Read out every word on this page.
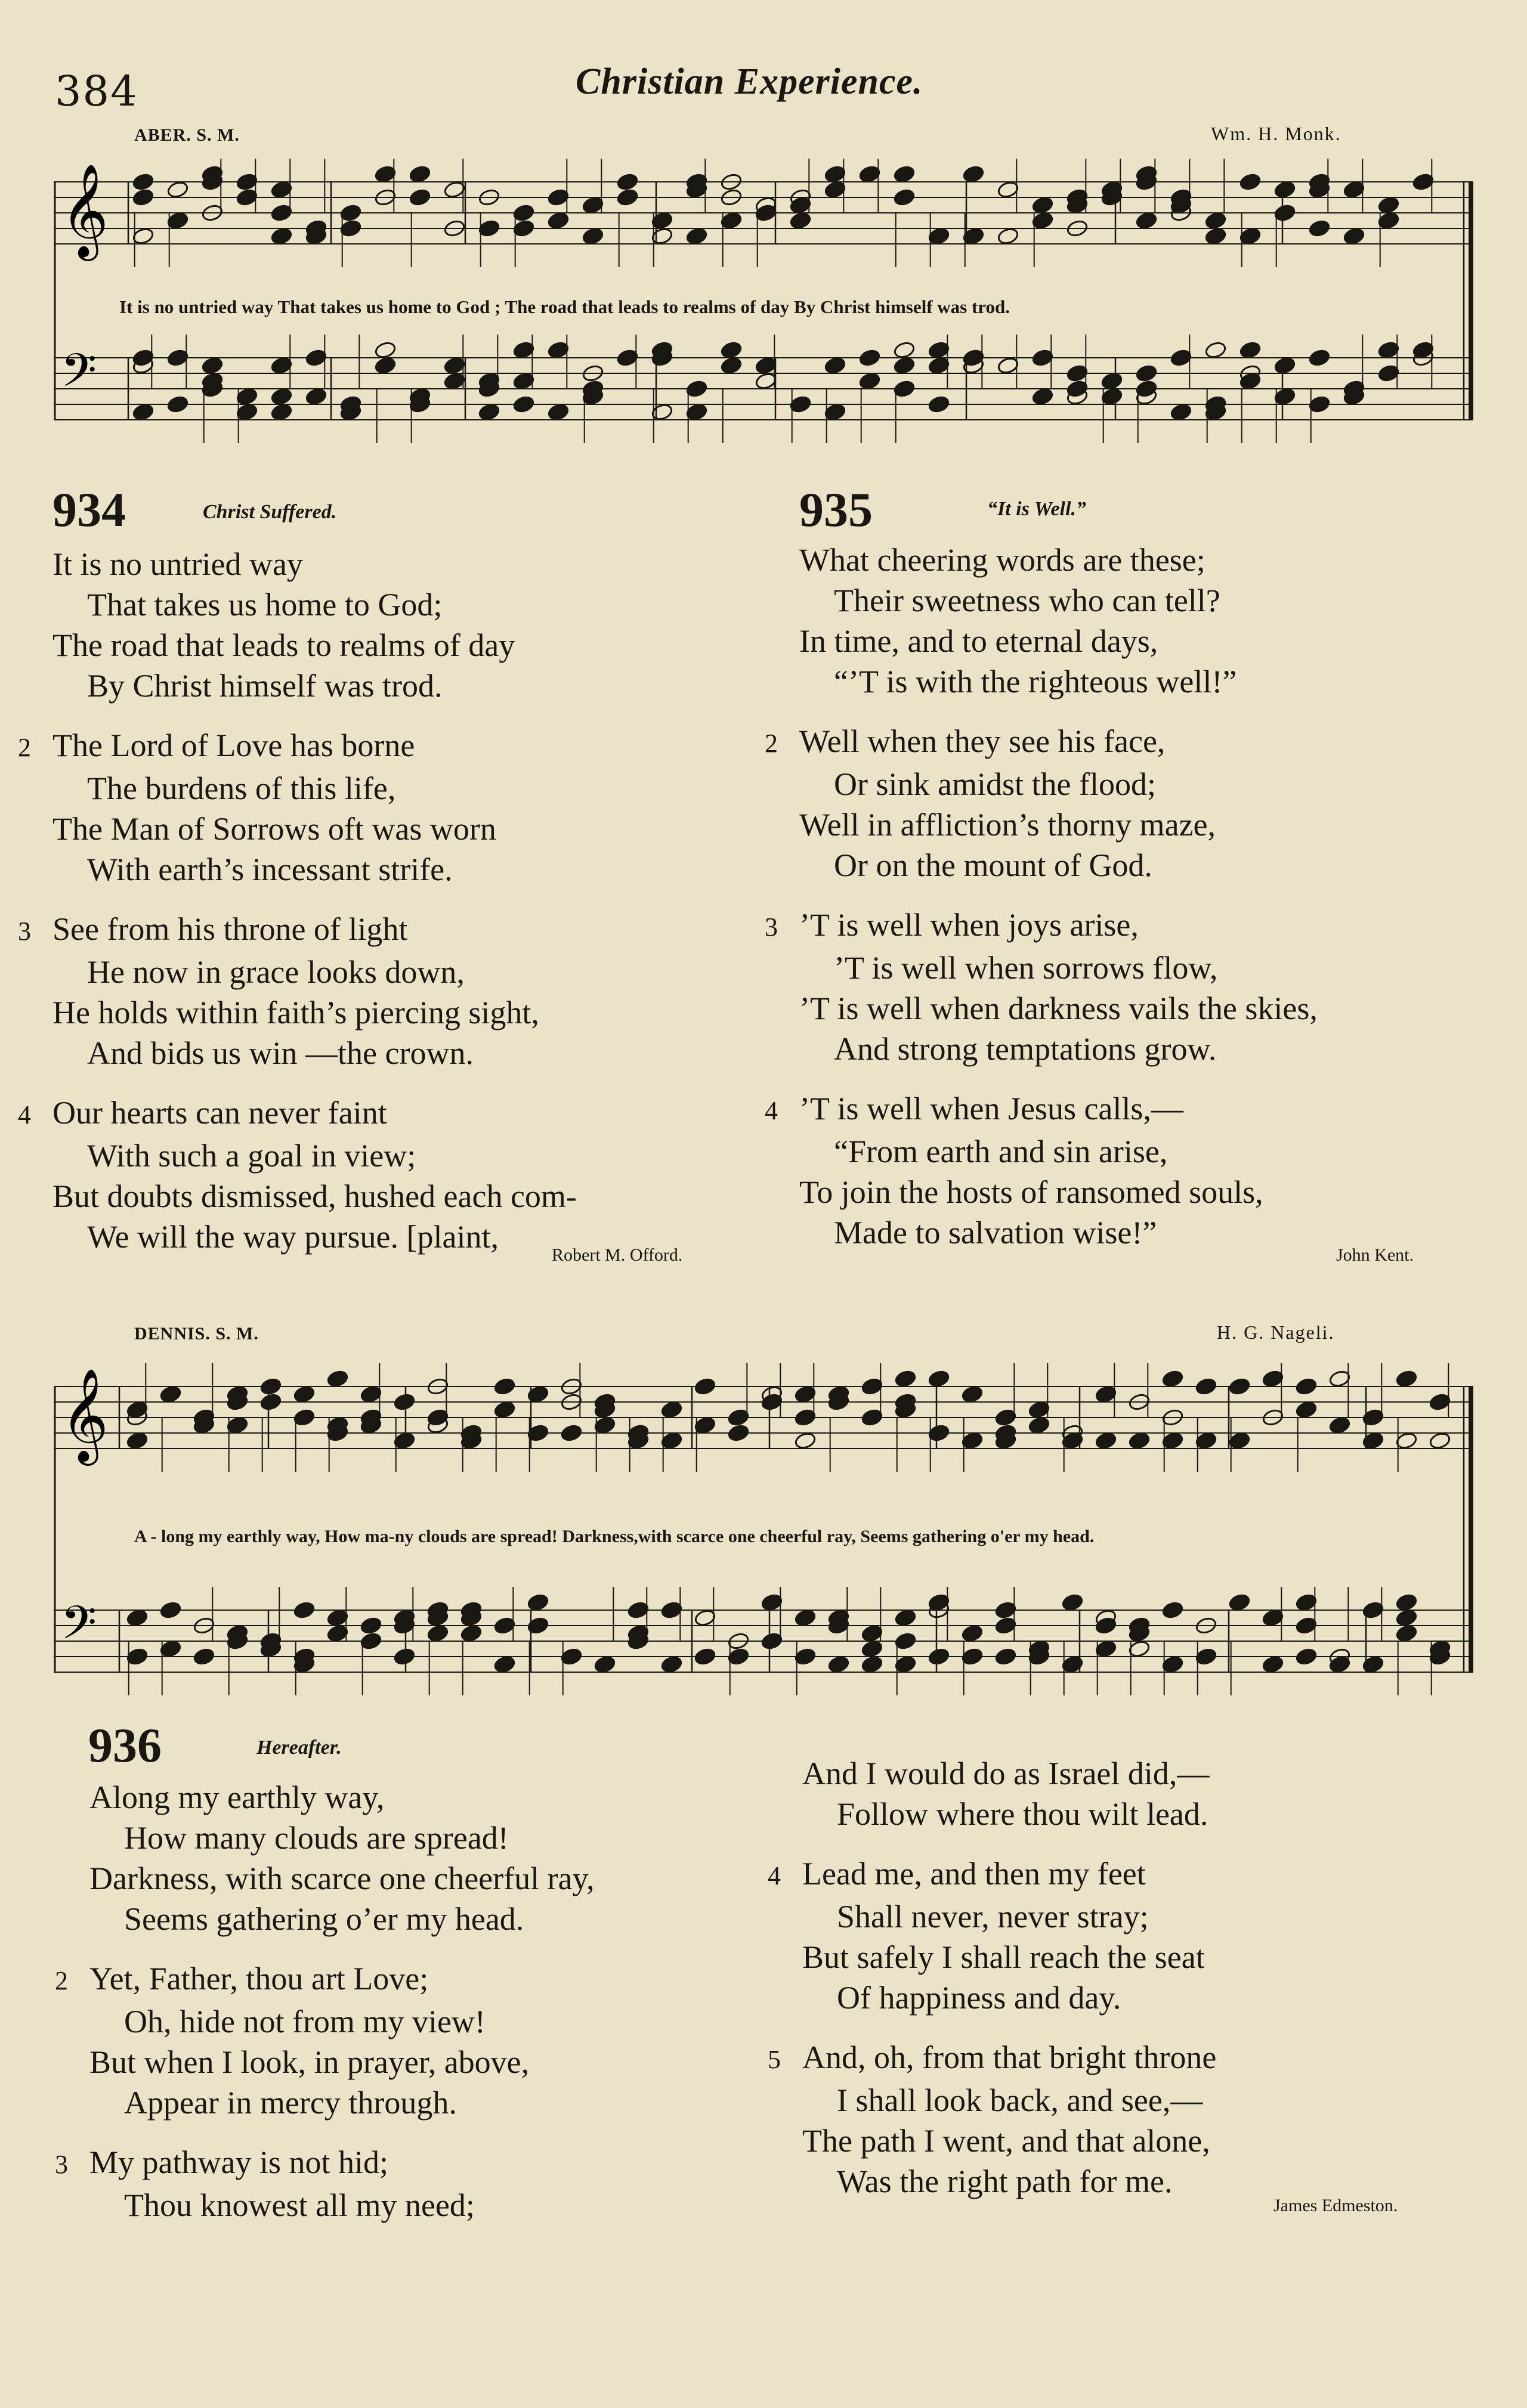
384	Christian Experience.
ABER. S. M.	Wm. H. Monk.
𝄞
𝄢
It is no untried way That takes us home to God ; The road that leads to realms of day By Christ himself was trod.
934	Christ Suffered.
It is no untried way
That takes us home to God;
The road that leads to realms of day
By Christ himself was trod.
2The Lord of Love has borne
The burdens of this life,
The Man of Sorrows oft was worn
With earth’s incessant strife.
3See from his throne of light
He now in grace looks down,
He holds within faith’s piercing sight,
And bids us win —the crown.
4Our hearts can never faint
With such a goal in view;
But doubts dismissed, hushed each com-
We will the way pursue. [plaint,
Robert M. Offord.
935	“It is Well.”
What cheering words are these;
Their sweetness who can tell?
In time, and to eternal days,
“’T is with the righteous well!”
2Well when they see his face,
Or sink amidst the flood;
Well in affliction’s thorny maze,
Or on the mount of God.
3’T is well when joys arise,
’T is well when sorrows flow,
’T is well when darkness vails the skies,
And strong temptations grow.
4’T is well when Jesus calls,—
“From earth and sin arise,
To join the hosts of ransomed souls,
Made to salvation wise!”
John Kent.
DENNIS. S. M.	H. G. Nageli.
𝄞
𝄢
A - long my earthly way, How ma-ny clouds are spread! Darkness,with scarce one cheerful ray, Seems gathering o'er my head.
936	Hereafter.
Along my earthly way,
How many clouds are spread!
Darkness, with scarce one cheerful ray,
Seems gathering o’er my head.
2Yet, Father, thou art Love;
Oh, hide not from my view!
But when I look, in prayer, above,
Appear in mercy through.
3My pathway is not hid;
Thou knowest all my need;
And I would do as Israel did,—
Follow where thou wilt lead.
4Lead me, and then my feet
Shall never, never stray;
But safely I shall reach the seat
Of happiness and day.
5And, oh, from that bright throne
I shall look back, and see,—
The path I went, and that alone,
Was the right path for me.
James Edmeston.
